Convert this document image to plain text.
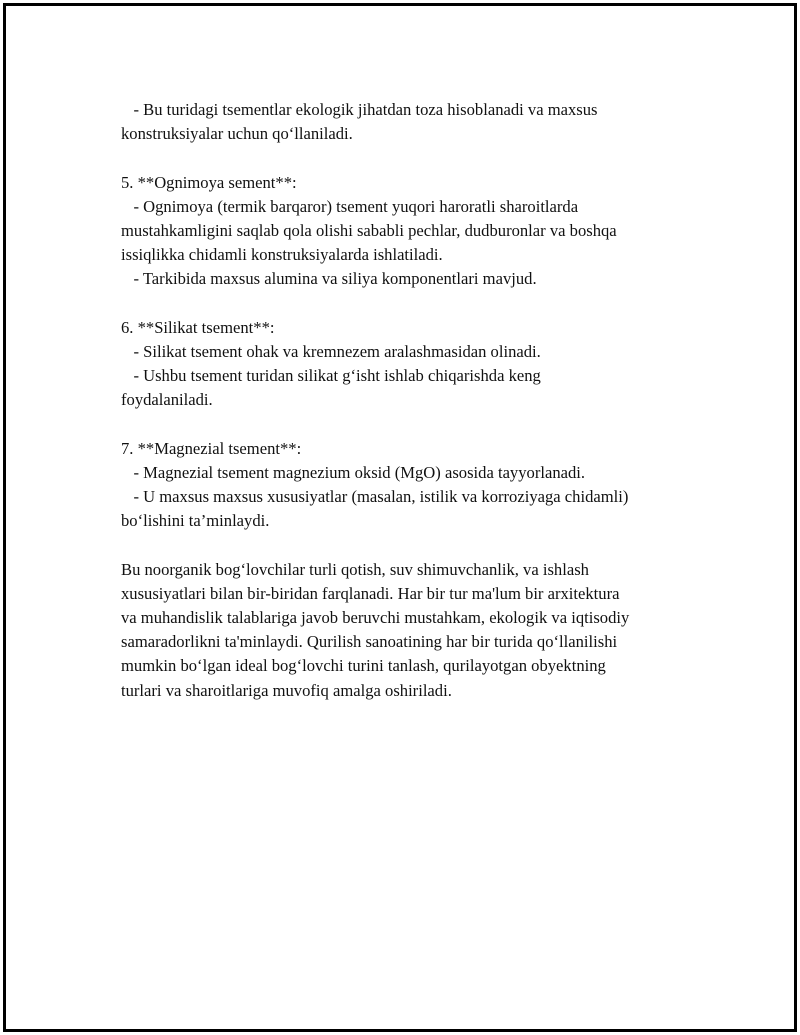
- Bu turidagi tsementlar ekologik jihatdan toza hisoblanadi va maxsus
konstruksiyalar uchun qoʻllaniladi.
5. **Ognimoya sement**:
- Ognimoya (termik barqaror) tsement yuqori haroratli sharoitlarda
mustahkamligini saqlab qola olishi sababli pechlar, dudburonlar va boshqa
issiqlikka chidamli konstruksiyalarda ishlatiladi.
- Tarkibida maxsus alumina va siliya komponentlari mavjud.
6. **Silikat tsement**:
- Silikat tsement ohak va kremnezem aralashmasidan olinadi.
- Ushbu tsement turidan silikat gʻisht ishlab chiqarishda keng
foydalaniladi.
7. **Magnezial tsement**:
- Magnezial tsement magnezium oksid (MgO) asosida tayyorlanadi.
- U maxsus maxsus xususiyatlar (masalan, istilik va korroziyaga chidamli)
boʻlishini ta’minlaydi.
Bu noorganik bogʻlovchilar turli qotish, suv shimuvchanlik, va ishlash
xususiyatlari bilan bir-biridan farqlanadi. Har bir tur ma'lum bir arxitektura
va muhandislik talablariga javob beruvchi mustahkam, ekologik va iqtisodiy
samaradorlikni ta'minlaydi. Qurilish sanoatining har bir turida qoʻllanilishi
mumkin boʻlgan ideal bogʻlovchi turini tanlash, qurilayotgan obyektning
turlari va sharoitlariga muvofiq amalga oshiriladi.
